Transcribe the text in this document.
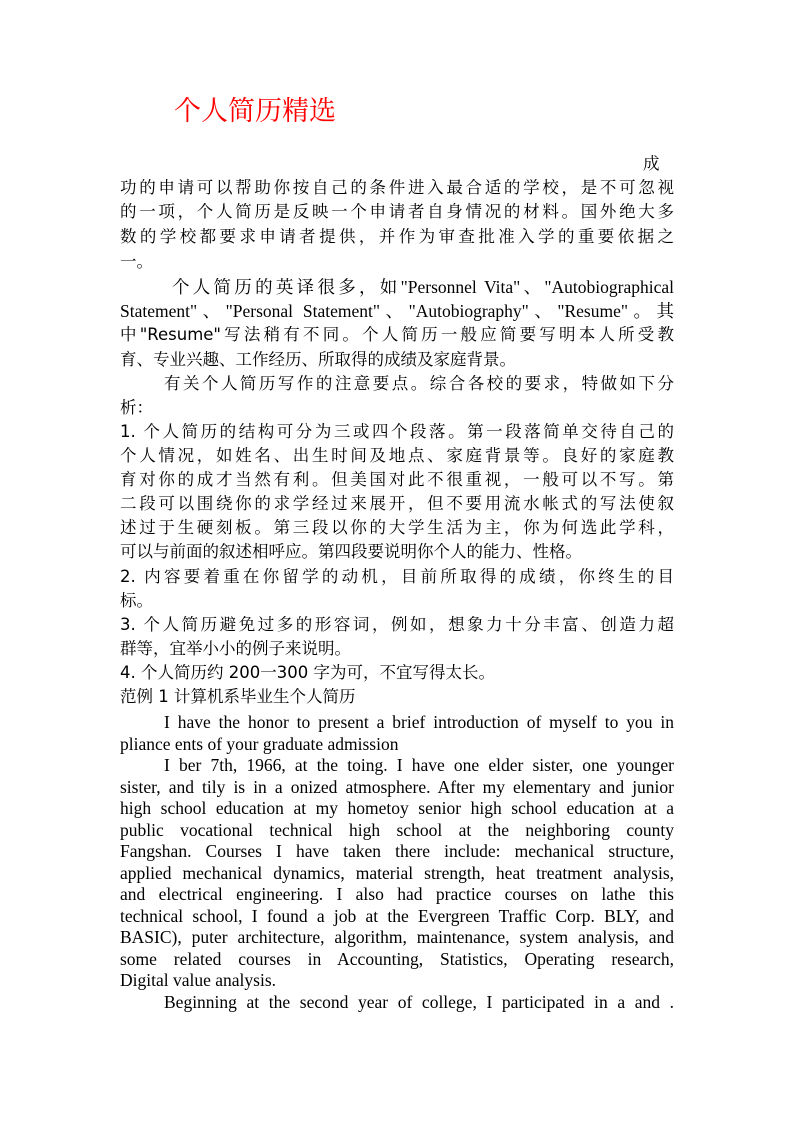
个人简历精选
成
功的申请可以帮助你按自己的条件进入最合适的学校，是不可忽视
的一项，个人简历是反映一个申请者自身情况的材料。国外绝大多
数的学校都要求申请者提供，并作为审查批准入学的重要依据之
一。
个人简历的英译很多，如"Personnel Vita"、"Autobiographical
Statement"、"Personal Statement"、"Autobiography"、"Resume"。其
中"Resume"写法稍有不同。个人简历一般应简要写明本人所受教
育、专业兴趣、工作经历、所取得的成绩及家庭背景。
有关个人简历写作的注意要点。综合各校的要求，特做如下分
析：
1. 个人简历的结构可分为三或四个段落。第一段落简单交待自己的
个人情况，如姓名、出生时间及地点、家庭背景等。良好的家庭教
育对你的成才当然有利。但美国对此不很重视，一般可以不写。第
二段可以围绕你的求学经过来展开，但不要用流水帐式的写法使叙
述过于生硬刻板。第三段以你的大学生活为主，你为何选此学科，
可以与前面的叙述相呼应。第四段要说明你个人的能力、性格。
2. 内容要着重在你留学的动机，目前所取得的成绩，你终生的目
标。
3. 个人简历避免过多的形容词，例如，想象力十分丰富、创造力超
群等，宜举小小的例子来说明。
4. 个人简历约 200一300 字为可，不宜写得太长。
范例 1 计算机系毕业生个人简历
I have the honor to present a brief introduction of myself to you in
pliance ents of your graduate admission
I ber 7th, 1966, at the toing. I have one elder sister, one younger
sister, and tily is in a onized atmosphere. After my elementary and junior
high school education at my hometoy senior high school education at a
public vocational technical high school at the neighboring county
Fangshan. Courses I have taken there include: mechanical structure,
applied mechanical dynamics, material strength, heat treatment analysis,
and electrical engineering. I also had practice courses on lathe this
technical school, I found a job at the Evergreen Traffic Corp. BLY, and
BASIC), puter architecture, algorithm, maintenance, system analysis, and
some related courses in Accounting, Statistics, Operating research,
Digital value analysis.
Beginning at the second year of college, I participated in a and .
